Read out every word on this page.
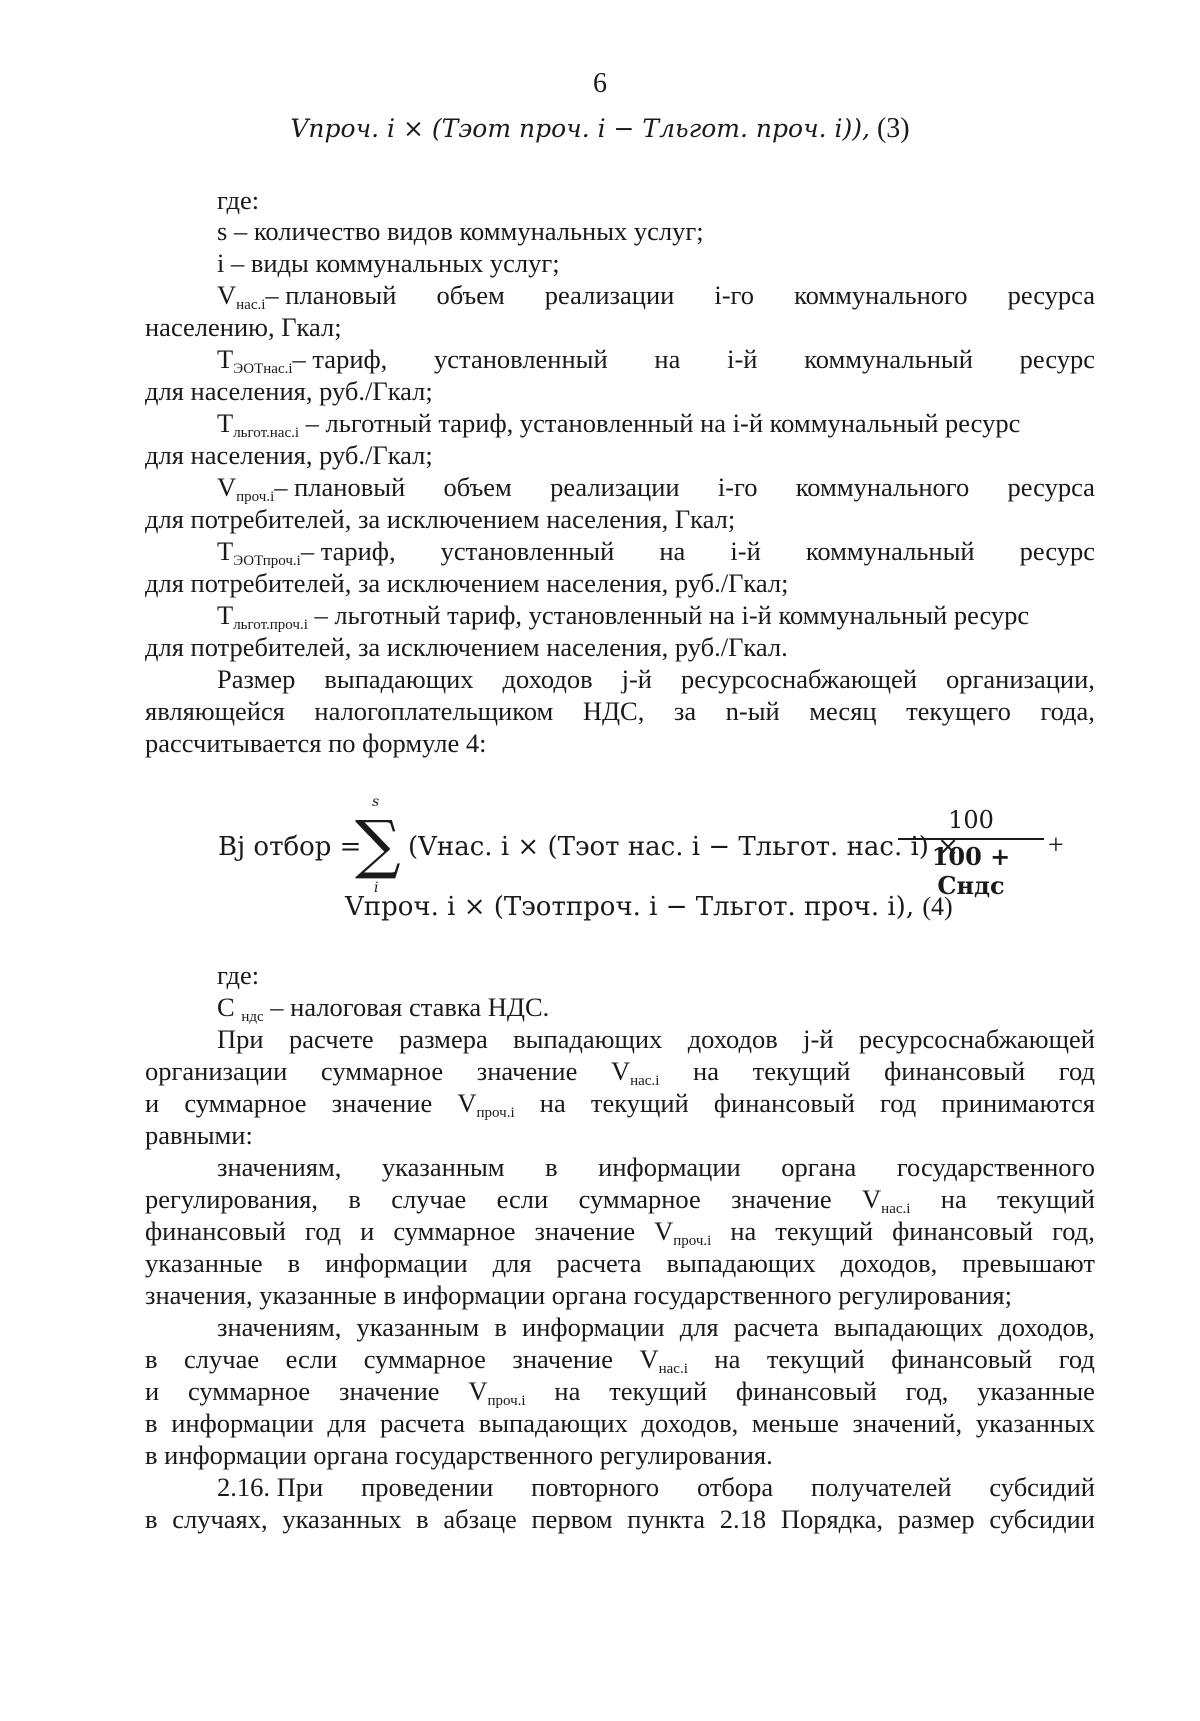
6
Vпроч. i × (Тэот проч. i − Тльгот. проч. i)), (3)
где:
s – количество видов коммунальных услуг;
i – виды коммунальных услуг;
$V_{нас.i}-$ плановый объем реализации i-го коммунального ресурса
населению, Гкал;
$Т_{ЭОТнас.i}-$ тариф, установленный на i-й коммунальный ресурс
для населения, руб./Гкал;
$Т_{льгот.нас.i}$ – льготный тариф, установленный на i-й коммунальный ресурс
для населения, руб./Гкал;
$V_{проч.i}-$ плановый объем реализации i-го коммунального ресурса
для потребителей, за исключением населения, Гкал;
$Т_{ЭОТпроч.i}-$ тариф, установленный на i-й коммунальный ресурс
для потребителей, за исключением населения, руб./Гкал;
$Т_{льгот.проч.i}$ – льготный тариф, установленный на i-й коммунальный ресурс
для потребителей, за исключением населения, руб./Гкал.
Размер выпадающих доходов j-й ресурсоснабжающей организации,
являющейся налогоплательщиком НДС, за n-ый месяц текущего года,
рассчитывается по формуле 4:
Bj отбор =
s
∑
i
(Vнас. i × (Тэот нас. i − Тльгот. нас. i) ×
100
100 + Сндс
+
Vпроч. i × (Тэотпроч. i − Тльгот. проч. i), (4)
где:
С $_{ндс}$ – налоговая ставка НДС.
При расчете размера выпадающих доходов j-й ресурсоснабжающей
организации суммарное значение $V_{нас.i}$ на текущий финансовый год
и суммарное значение $V_{проч.i}$ на текущий финансовый год принимаются
равными:
значениям, указанным в информации органа государственного
регулирования, в случае если суммарное значение $V_{нас.i}$ на текущий
финансовый год и суммарное значение $V_{проч.i}$ на текущий финансовый год,
указанные в информации для расчета выпадающих доходов, превышают
значения, указанные в информации органа государственного регулирования;
значениям, указанным в информации для расчета выпадающих доходов,
в случае если суммарное значение $V_{нас.i}$ на текущий финансовый год
и суммарное значение $V_{проч.i}$ на текущий финансовый год, указанные
в информации для расчета выпадающих доходов, меньше значений, указанных
в информации органа государственного регулирования.
2.16. При проведении повторного отбора получателей субсидий
в случаях, указанных в абзаце первом пункта 2.18 Порядка, размер субсидии
